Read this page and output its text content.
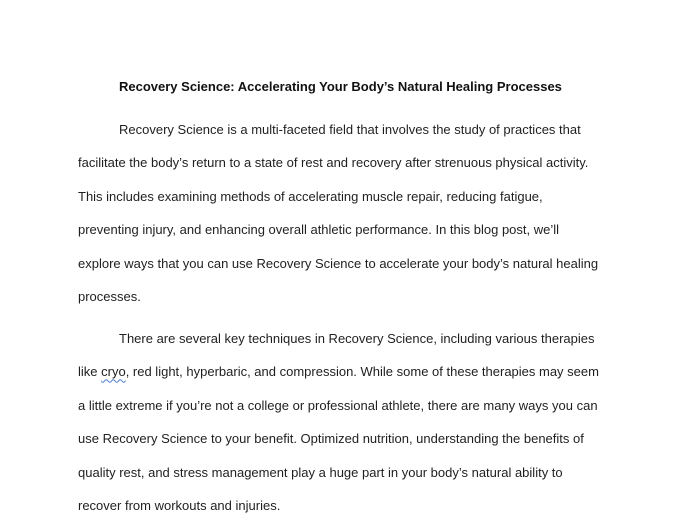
Recovery Science: Accelerating Your Body’s Natural Healing Processes

Recovery Science is a multi-faceted field that involves the study of practices that
facilitate the body’s return to a state of rest and recovery after strenuous physical activity.
This includes examining methods of accelerating muscle repair, reducing fatigue,
preventing injury, and enhancing overall athletic performance. In this blog post, we’ll
explore ways that you can use Recovery Science to accelerate your body’s natural healing
processes.

There are several key techniques in Recovery Science, including various therapies
like cryo, red light, hyperbaric, and compression. While some of these therapies may seem
a little extreme if you’re not a college or professional athlete, there are many ways you can
use Recovery Science to your benefit. Optimized nutrition, understanding the benefits of
quality rest, and stress management play a huge part in your body’s natural ability to
recover from workouts and injuries.
